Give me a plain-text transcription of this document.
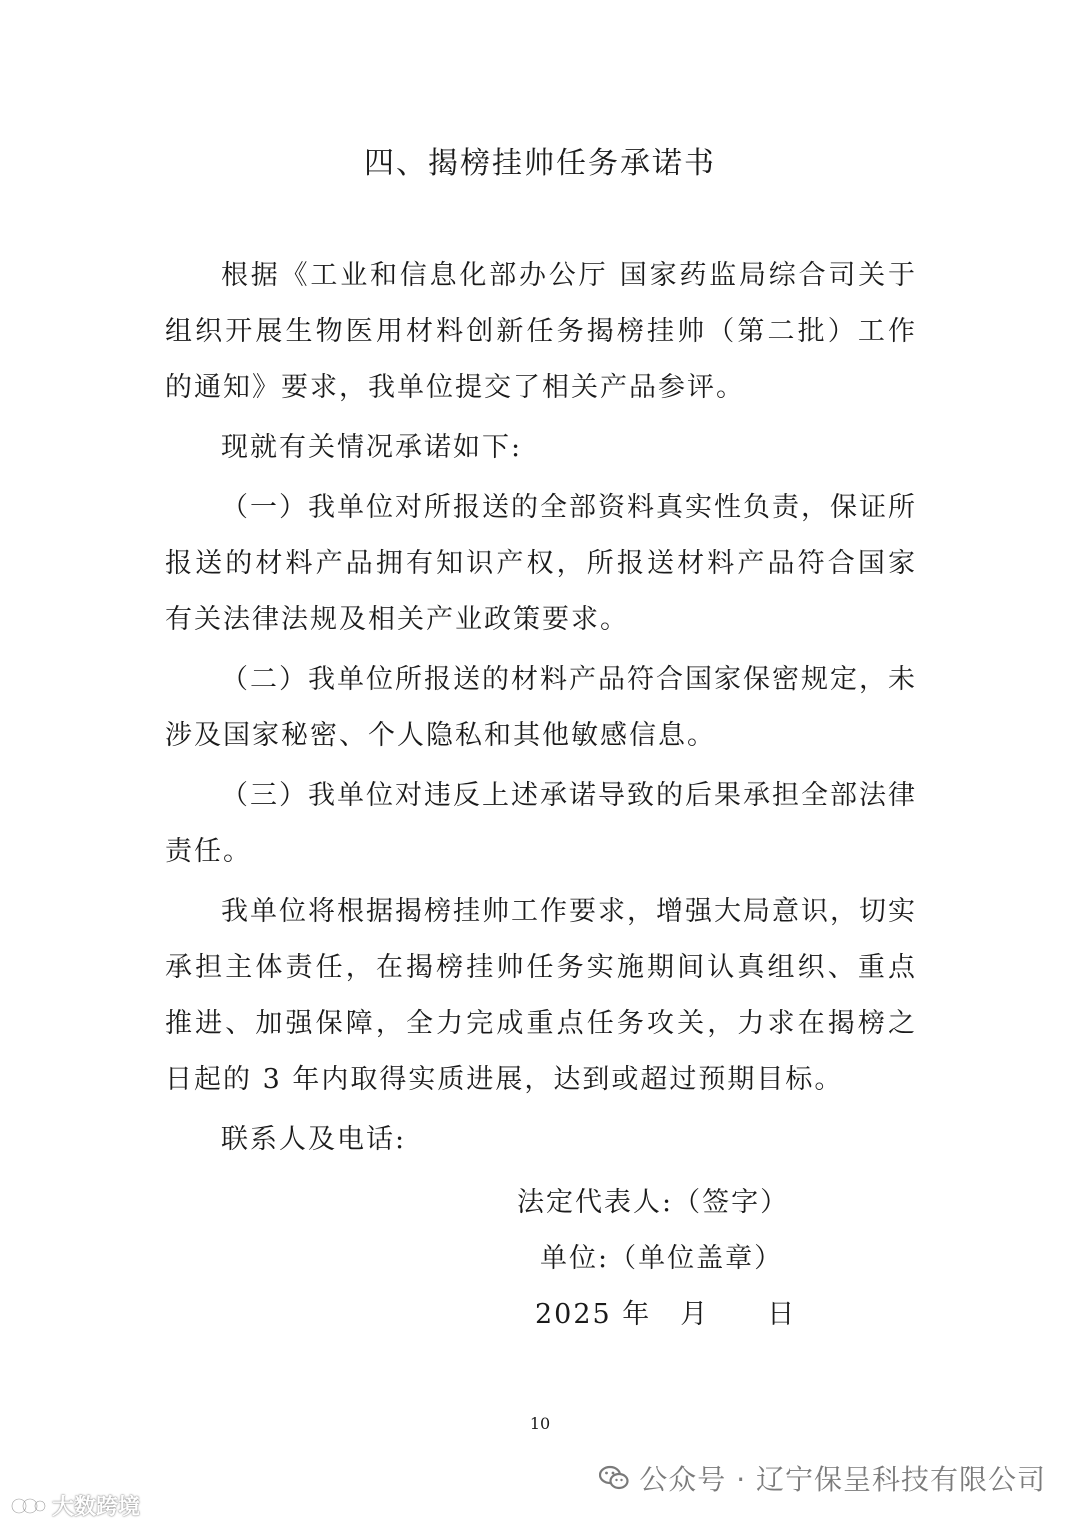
四、揭榜挂帅任务承诺书

根据《工业和信息化部办公厅 国家药监局综合司关于组织开展生物医用材料创新任务揭榜挂帅（第二批）工作的通知》要求，我单位提交了相关产品参评。

现就有关情况承诺如下:

（一）我单位对所报送的全部资料真实性负责，保证所报送的材料产品拥有知识产权，所报送材料产品符合国家有关法律法规及相关产业政策要求。

（二）我单位所报送的材料产品符合国家保密规定，未涉及国家秘密、个人隐私和其他敏感信息。

（三）我单位对违反上述承诺导致的后果承担全部法律责任。

我单位将根据揭榜挂帅工作要求，增强大局意识，切实承担主体责任，在揭榜挂帅任务实施期间认真组织、重点推进、加强保障，全力完成重点任务攻关，力求在揭榜之日起的 3 年内取得实质进展，达到或超过预期目标。

联系人及电话:

法定代表人:（签字）
单位:（单位盖章）
2025 年　月　　日
10
公众号 · 辽宁保呈科技有限公司
大数跨境
